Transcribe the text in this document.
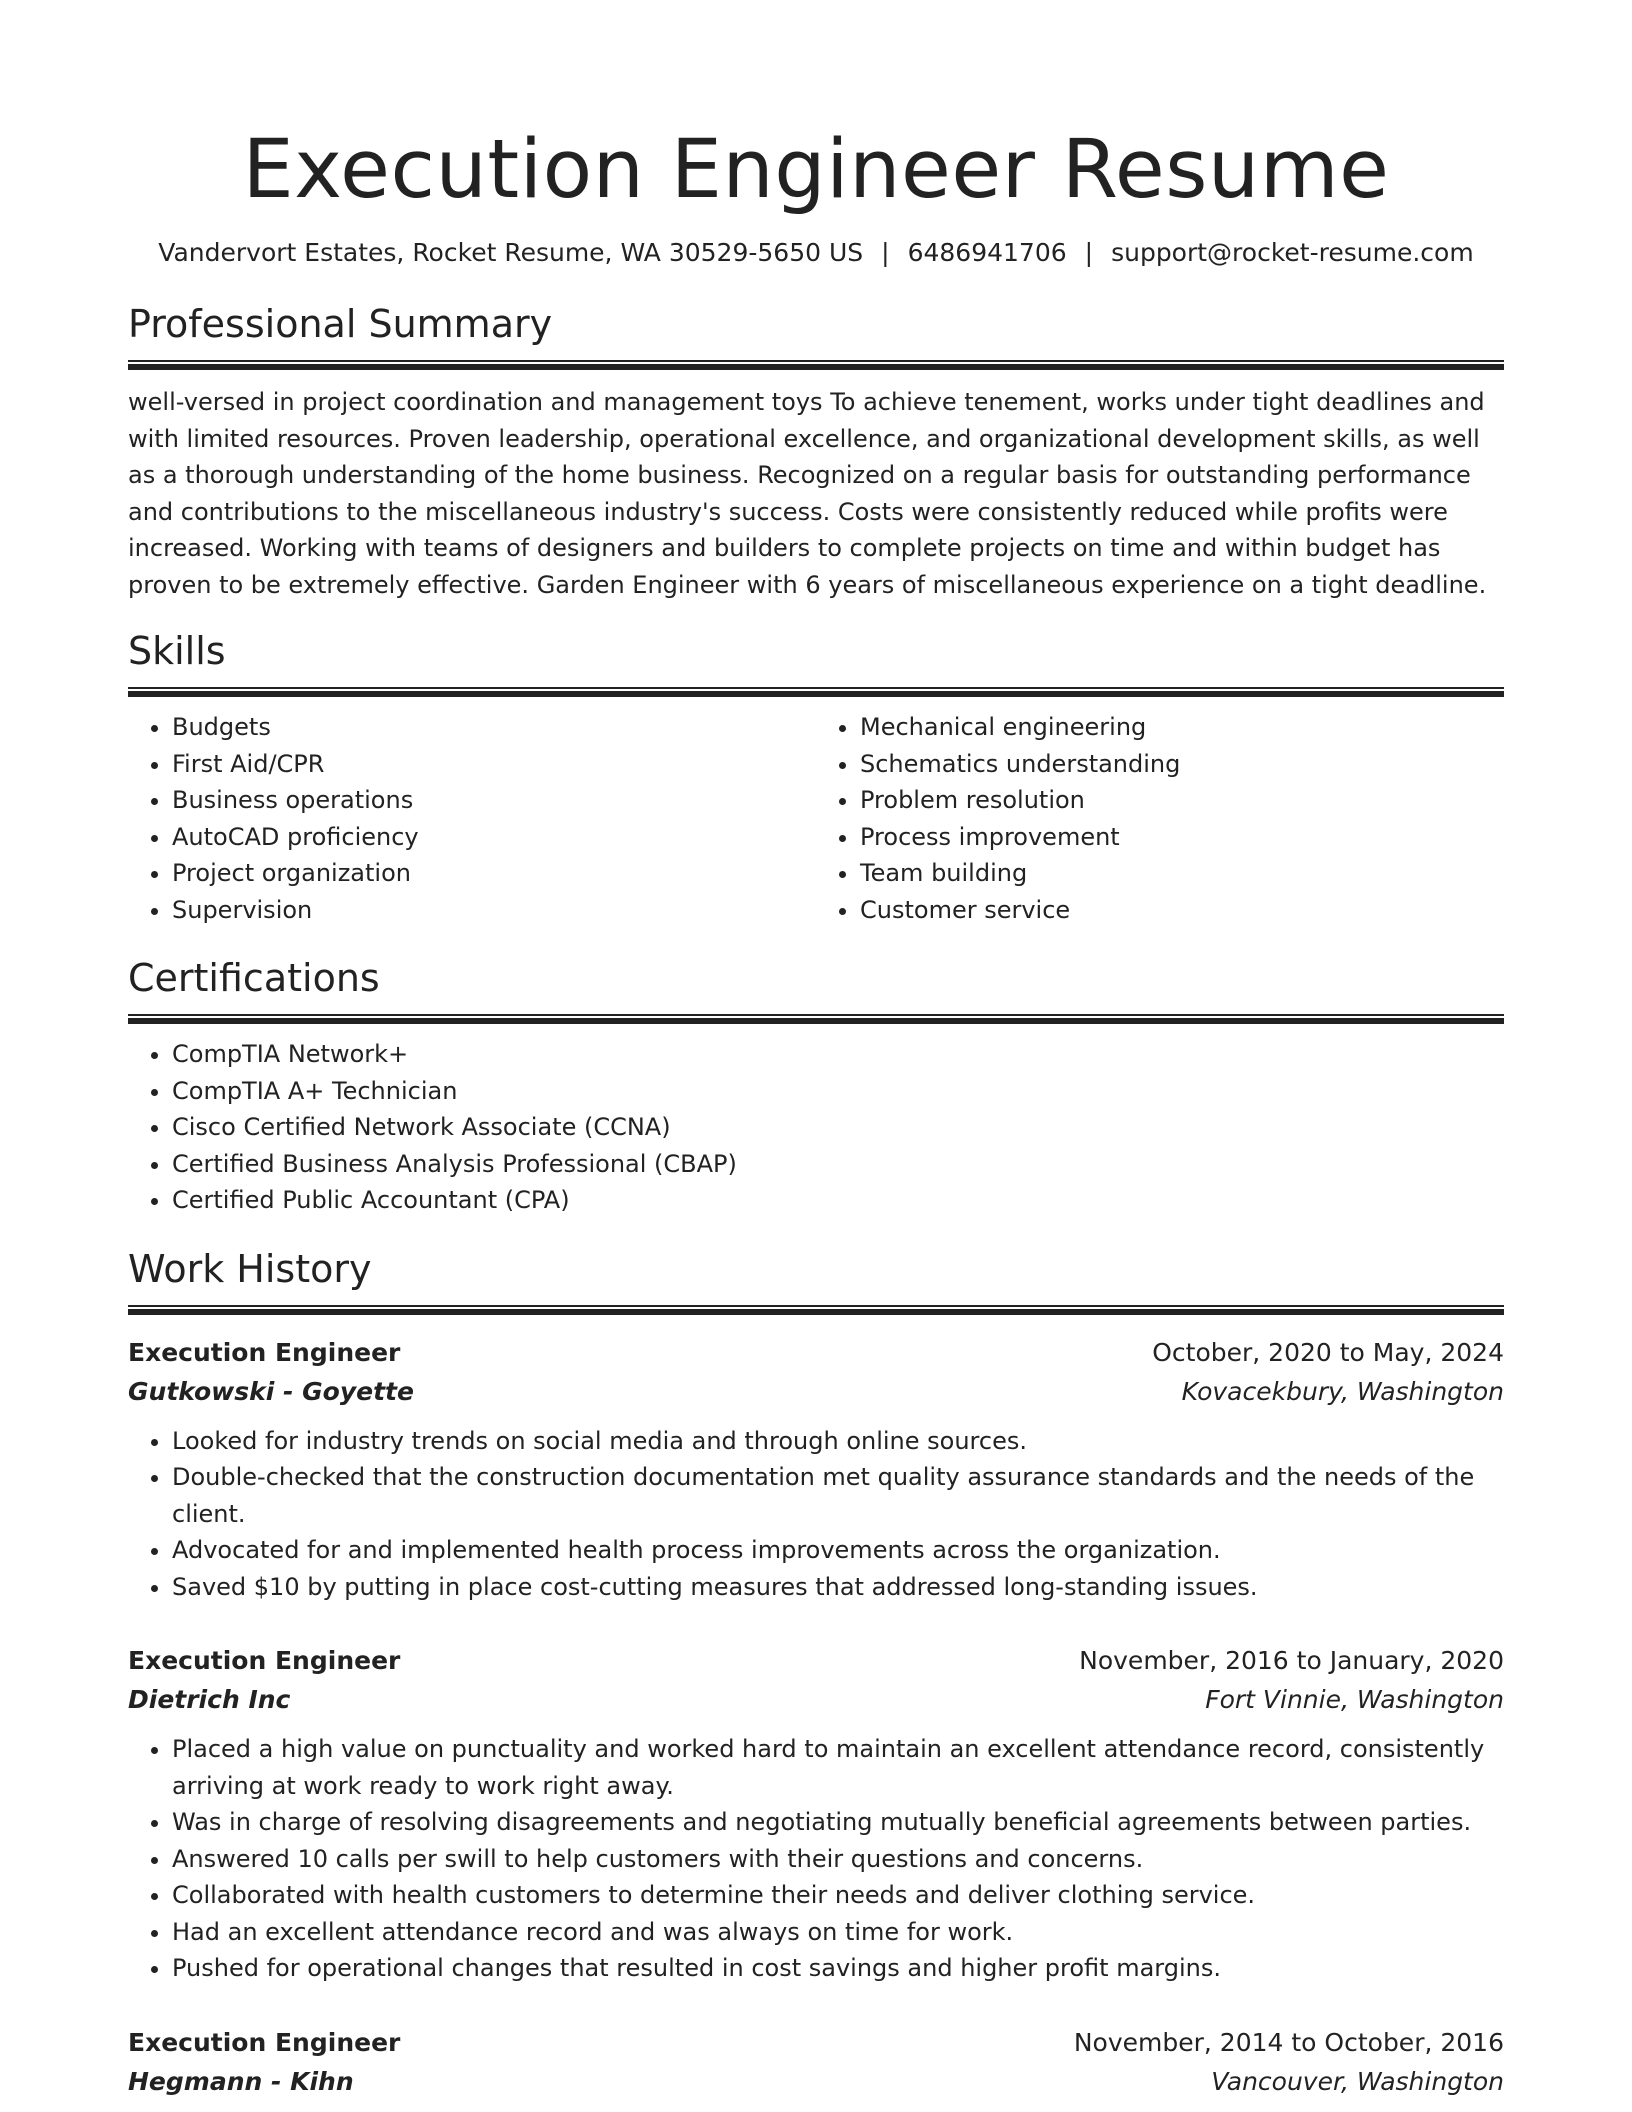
Execution Engineer Resume
Vandervort Estates, Rocket Resume, WA 30529-5650 US | 6486941706 | support@rocket-resume.com
Professional Summary

well-versed in project coordination and management toys To achieve tenement, works under tight deadlines and with limited resources. Proven leadership, operational excellence, and organizational development skills, as well as a thorough understanding of the home business. Recognized on a regular basis for outstanding performance and contributions to the miscellaneous industry's success. Costs were consistently reduced while profits were increased. Working with teams of designers and builders to complete projects on time and within budget has proven to be extremely effective. Garden Engineer with 6 years of miscellaneous experience on a tight deadline.

Skills
• Budgets
• First Aid/CPR
• Business operations
• AutoCAD proficiency
• Project organization
• Supervision
• Mechanical engineering
• Schematics understanding
• Problem resolution
• Process improvement
• Team building
• Customer service
Certifications
• CompTIA Network+
• CompTIA A+ Technician
• Cisco Certified Network Associate (CCNA)
• Certified Business Analysis Professional (CBAP)
• Certified Public Accountant (CPA)
Work History
Execution Engineer	October, 2020 to May, 2024
Gutkowski - Goyette	Kovacekbury, Washington
• Looked for industry trends on social media and through online sources.
• Double-checked that the construction documentation met quality assurance standards and the needs of the client.
• Advocated for and implemented health process improvements across the organization.
• Saved $10 by putting in place cost-cutting measures that addressed long-standing issues.
Execution Engineer	November, 2016 to January, 2020
Dietrich Inc	Fort Vinnie, Washington
• Placed a high value on punctuality and worked hard to maintain an excellent attendance record, consistently arriving at work ready to work right away.
• Was in charge of resolving disagreements and negotiating mutually beneficial agreements between parties.
• Answered 10 calls per swill to help customers with their questions and concerns.
• Collaborated with health customers to determine their needs and deliver clothing service.
• Had an excellent attendance record and was always on time for work.
• Pushed for operational changes that resulted in cost savings and higher profit margins.
Execution Engineer	November, 2014 to October, 2016
Hegmann - Kihn	Vancouver, Washington
